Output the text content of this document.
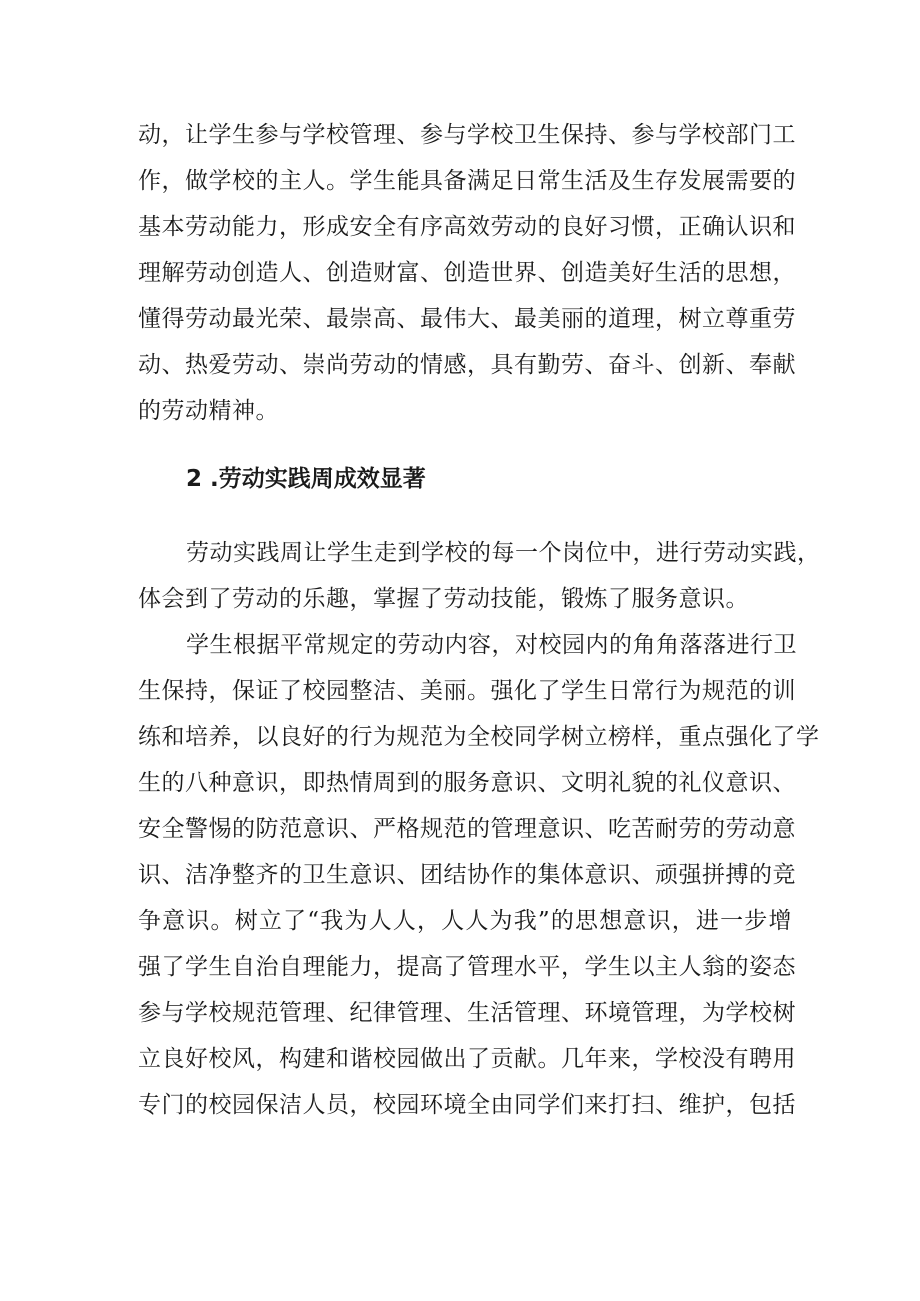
动，让学生参与学校管理、参与学校卫生保持、参与学校部门工
作，做学校的主人。学生能具备满足日常生活及生存发展需要的
基本劳动能力，形成安全有序高效劳动的良好习惯，正确认识和
理解劳动创造人、创造财富、创造世界、创造美好生活的思想，
懂得劳动最光荣、最崇高、最伟大、最美丽的道理，树立尊重劳
动、热爱劳动、崇尚劳动的情感，具有勤劳、奋斗、创新、奉献
的劳动精神。
2 .劳动实践周成效显著
劳动实践周让学生走到学校的每一个岗位中，进行劳动实践，
体会到了劳动的乐趣，掌握了劳动技能，锻炼了服务意识。
学生根据平常规定的劳动内容，对校园内的角角落落进行卫
生保持，保证了校园整洁、美丽。强化了学生日常行为规范的训
练和培养，以良好的行为规范为全校同学树立榜样，重点强化了学
生的八种意识，即热情周到的服务意识、文明礼貌的礼仪意识、
安全警惕的防范意识、严格规范的管理意识、吃苦耐劳的劳动意
识、洁净整齐的卫生意识、团结协作的集体意识、顽强拼搏的竞
争意识。树立了“我为人人，人人为我”的思想意识，进一步增
强了学生自治自理能力，提高了管理水平，学生以主人翁的姿态
参与学校规范管理、纪律管理、生活管理、环境管理，为学校树
立良好校风，构建和谐校园做出了贡献。几年来，学校没有聘用
专门的校园保洁人员，校园环境全由同学们来打扫、维护，包括
